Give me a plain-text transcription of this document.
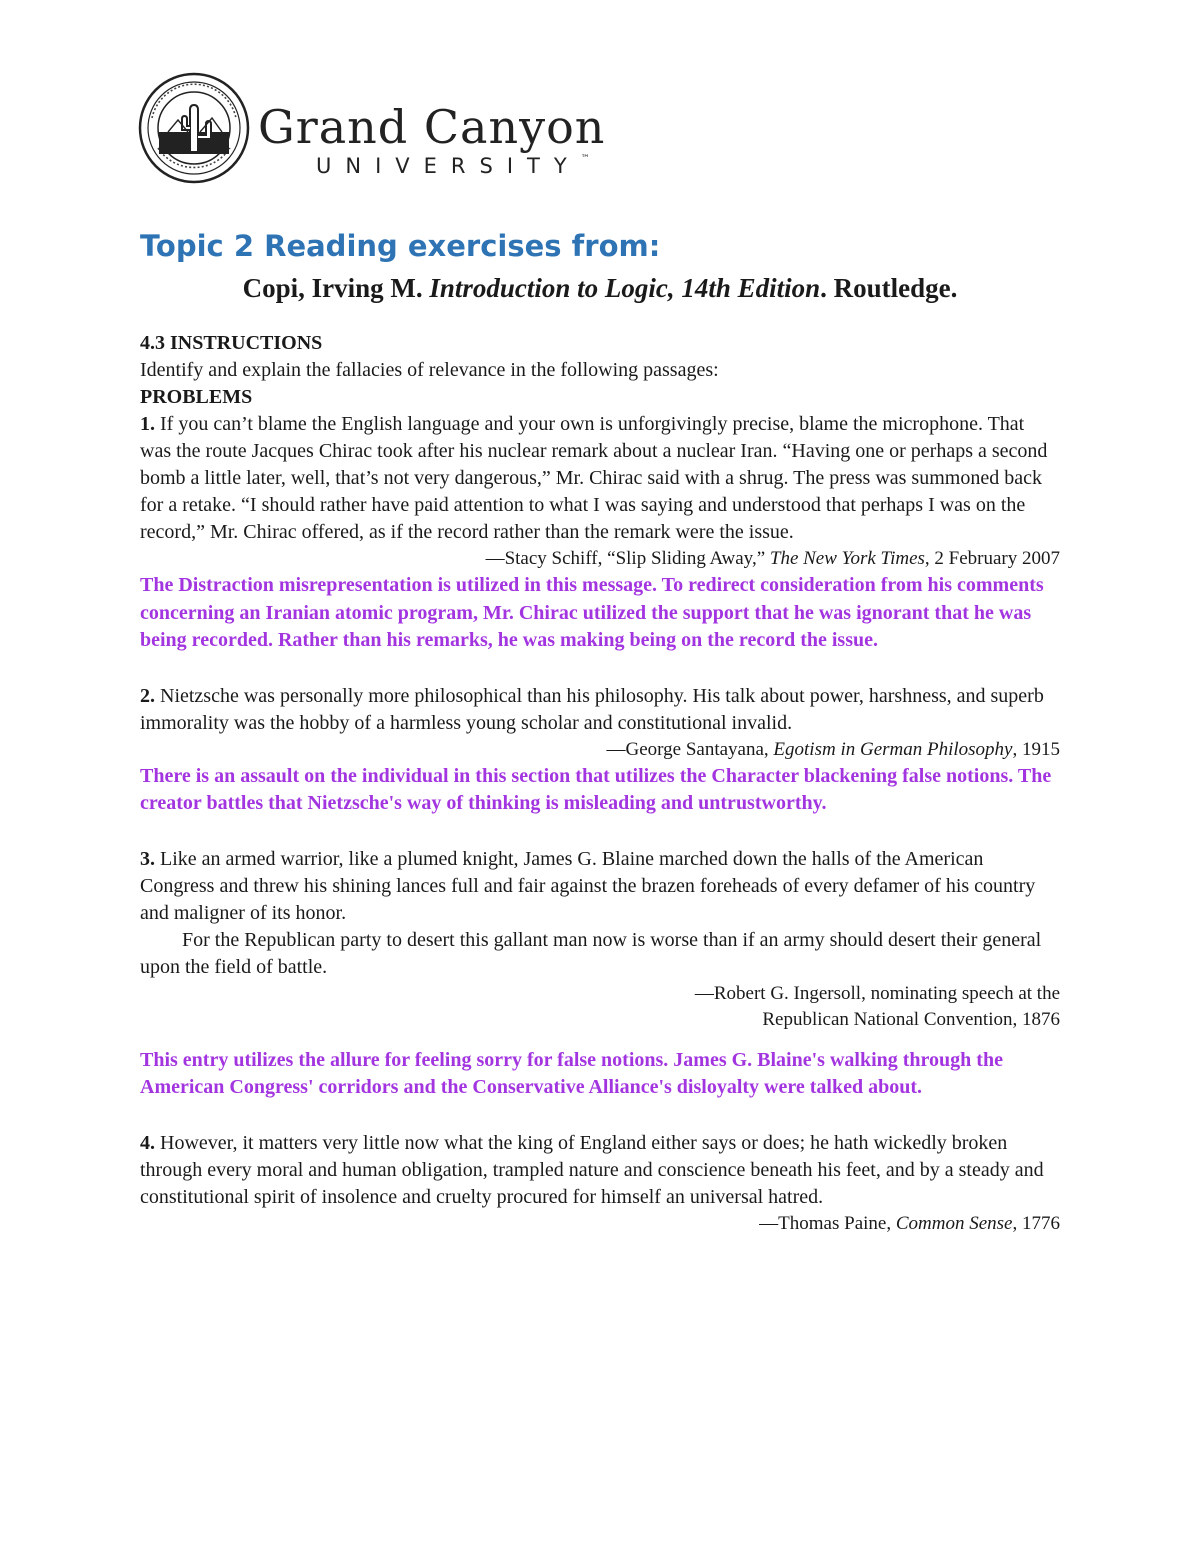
Grand Canyon
UNIVERSITY™
Topic 2 Reading exercises from:

Copi, Irving M. Introduction to Logic, 14th Edition. Routledge.

4.3 INSTRUCTIONS

Identify and explain the fallacies of relevance in the following passages:

PROBLEMS

1. If you can’t blame the English language and your own is unforgivingly precise, blame the microphone. That was the route Jacques Chirac took after his nuclear remark about a nuclear Iran. “Having one or perhaps a second bomb a little later, well, that’s not very dangerous,” Mr. Chirac said with a shrug. The press was summoned back for a retake. “I should rather have paid attention to what I was saying and understood that perhaps I was on the record,” Mr. Chirac offered, as if the record rather than the remark were the issue.

—Stacy Schiff, “Slip Sliding Away,” The New York Times, 2 February 2007

The Distraction misrepresentation is utilized in this message. To redirect consideration from his comments concerning an Iranian atomic program, Mr. Chirac utilized the support that he was ignorant that he was being recorded. Rather than his remarks, he was making being on the record the issue.

2. Nietzsche was personally more philosophical than his philosophy. His talk about power, harshness, and superb immorality was the hobby of a harmless young scholar and constitutional invalid.

—George Santayana, Egotism in German Philosophy, 1915

There is an assault on the individual in this section that utilizes the Character blackening false notions. The creator battles that Nietzsche's way of thinking is misleading and untrustworthy.

3. Like an armed warrior, like a plumed knight, James G. Blaine marched down the halls of the American Congress and threw his shining lances full and fair against the brazen foreheads of every defamer of his country and maligner of its honor.

For the Republican party to desert this gallant man now is worse than if an army should desert their general upon the field of battle.

—Robert G. Ingersoll, nominating speech at the

Republican National Convention, 1876

This entry utilizes the allure for feeling sorry for false notions. James G. Blaine's walking through the American Congress' corridors and the Conservative Alliance's disloyalty were talked about.

4. However, it matters very little now what the king of England either says or does; he hath wickedly broken through every moral and human obligation, trampled nature and conscience beneath his feet, and by a steady and constitutional spirit of insolence and cruelty procured for himself an universal hatred.

—Thomas Paine, Common Sense, 1776
